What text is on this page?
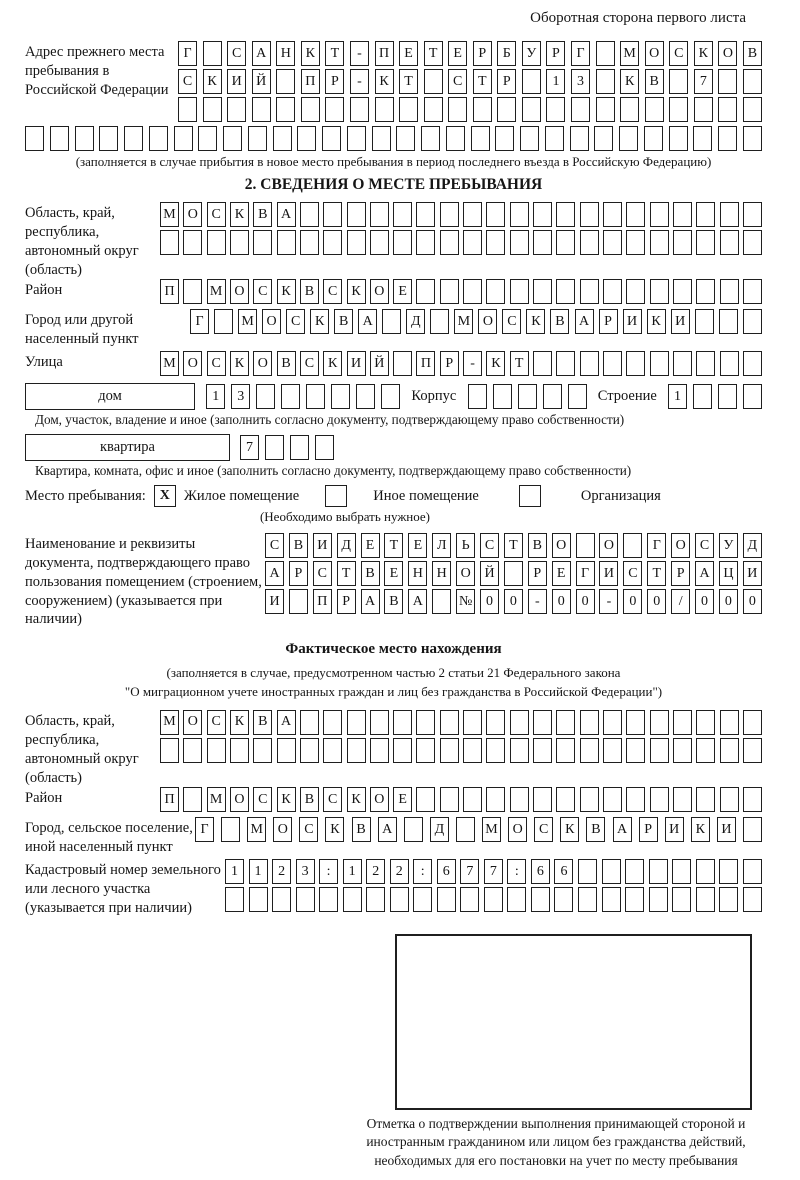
Оборотная сторона первого листа
Адрес прежнего места пребывания в Российской Федерации
Г	С	А	Н	К	Т	-	П	Е	Т	Е	Р	Б	У	Р	Г	М О	С	К	О	В
С	К	И	Й	П	Р	-	К	Т	С	Т	Р	1	3	К	В	7
(заполняется в случае прибытия в новое место пребывания в период последнего въезда в Российскую Федерацию)
2. СВЕДЕНИЯ О МЕСТЕ ПРЕБЫВАНИЯ
Область, край, республика, автономный округ (область)
М О С К В А
Район	П	М О С К В С К О Е
Город или другой населенный пункт
Г	М О	С	К	В	А	Д	М О	С	К	В	А	Р	И	К	И
Улица	М О С К О В С К И Й	П	Р	-	К	Т
дом	1	3	Корпус	Строение	1
Дом, участок, владение и иное (заполнить согласно документу, подтверждающему право собственности)
квартира	7
Квартира, комната, офис и иное (заполнить согласно документу, подтверждающему право собственности)
Место пребывания: X Жилое помещение	Иное помещение	Организация
(Необходимо выбрать нужное)
Наименование и реквизиты документа, подтверждающего право пользования помещением (строением, сооружением) (указывается при наличии)
С	В	И	Д	Е	Т	Е	Л	Ь	С	Т	В	О	О	Г	О	С	У	Д
А	Р	С	Т	В	Е	Н Н О Й	Р	Е	Г	И	С	Т	Р	А Ц И
И	П	Р	А	В	А	№ 0	0	-	0	0	-	0	0	/	0	0	0
Фактическое место нахождения
(заполняется в случае, предусмотренном частью 2 статьи 21 Федерального закона
"О миграционном учете иностранных граждан и лиц без гражданства в Российской Федерации")
Область, край, республика, автономный округ (область)
М О С К В А
Район	П	М О С К В С К О Е
Город, сельское поселение, иной населенный пункт
Г	М	О	С	К	В	А	Д	М	О	С	К	В	А	Р	И	К	И
Кадастровый номер земельного или лесного участка (указывается при наличии)
1	1	2	3	:	1	2	2	:	6	7	7	:	6	6
Отметка о подтверждении выполнения принимающей стороной и иностранным гражданином или лицом без гражданства действий, необходимых для его постановки на учет по месту пребывания
